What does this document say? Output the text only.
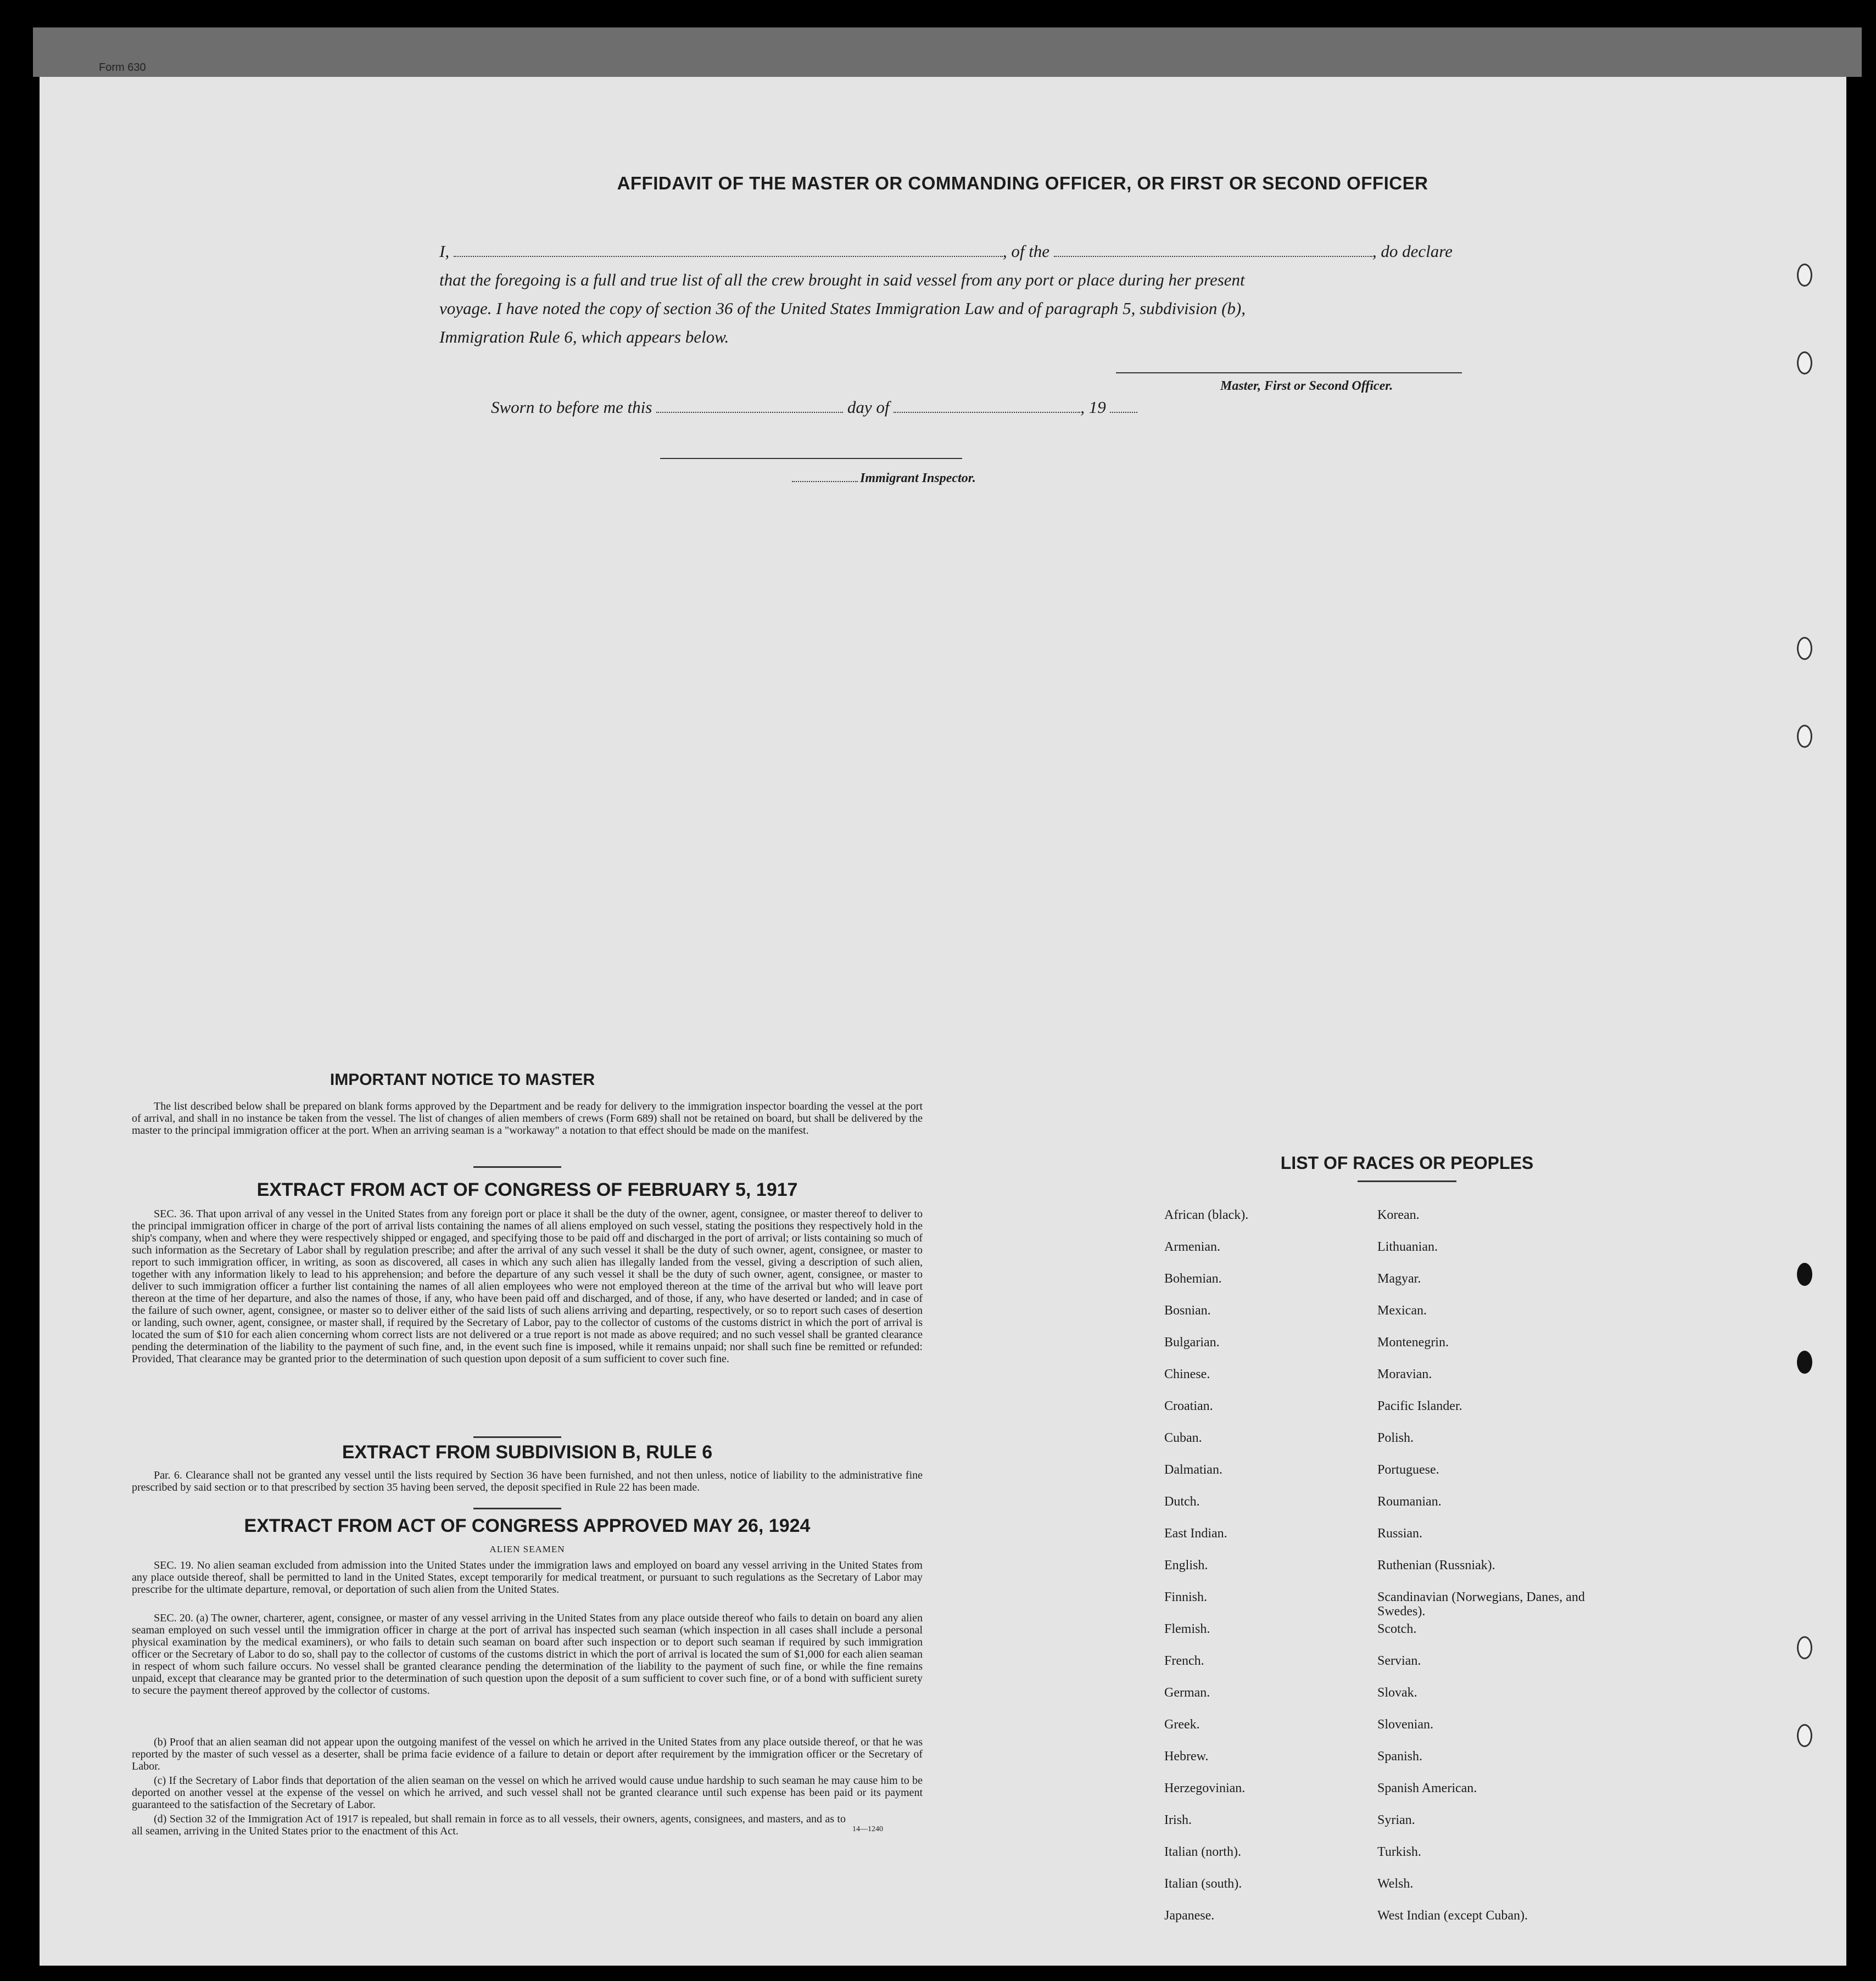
Form 630
AFFIDAVIT OF THE MASTER OR COMMANDING OFFICER, OR FIRST OR SECOND OFFICER
I,	, of the	, do declare
that the foregoing is a full and true list of all the crew brought in said vessel from any port or place during her present
voyage. I have noted the copy of section 36 of the United States Immigration Law and of paragraph 5, subdivision (b),
Immigration Rule 6, which appears below.
Master, First or Second Officer.
Sworn to before me this	day of	, 19
Immigrant Inspector.
IMPORTANT NOTICE TO MASTER
The list described below shall be prepared on blank forms approved by the Department and be ready for delivery to the immigration inspector boarding the vessel at the port of arrival, and shall in no instance be taken from the vessel. The list of changes of alien members of crews (Form 689) shall not be retained on board, but shall be delivered by the master to the principal immigration officer at the port. When an arriving seaman is a "workaway" a notation to that effect should be made on the manifest.
EXTRACT FROM ACT OF CONGRESS OF FEBRUARY 5, 1917
SEC. 36. That upon arrival of any vessel in the United States from any foreign port or place it shall be the duty of the owner, agent, consignee, or master thereof to deliver to the principal immigration officer in charge of the port of arrival lists containing the names of all aliens employed on such vessel, stating the positions they respectively hold in the ship's company, when and where they were respectively shipped or engaged, and specifying those to be paid off and discharged in the port of arrival; or lists containing so much of such information as the Secretary of Labor shall by regulation prescribe; and after the arrival of any such vessel it shall be the duty of such owner, agent, consignee, or master to report to such immigration officer, in writing, as soon as discovered, all cases in which any such alien has illegally landed from the vessel, giving a description of such alien, together with any information likely to lead to his apprehension; and before the departure of any such vessel it shall be the duty of such owner, agent, consignee, or master to deliver to such immigration officer a further list containing the names of all alien employees who were not employed thereon at the time of the arrival but who will leave port thereon at the time of her departure, and also the names of those, if any, who have been paid off and discharged, and of those, if any, who have deserted or landed; and in case of the failure of such owner, agent, consignee, or master so to deliver either of the said lists of such aliens arriving and departing, respectively, or so to report such cases of desertion or landing, such owner, agent, consignee, or master shall, if required by the Secretary of Labor, pay to the collector of customs of the customs district in which the port of arrival is located the sum of $10 for each alien concerning whom correct lists are not delivered or a true report is not made as above required; and no such vessel shall be granted clearance pending the determination of the liability to the payment of such fine, and, in the event such fine is imposed, while it remains unpaid; nor shall such fine be remitted or refunded: Provided, That clearance may be granted prior to the determination of such question upon deposit of a sum sufficient to cover such fine.
EXTRACT FROM SUBDIVISION B, RULE 6
Par. 6. Clearance shall not be granted any vessel until the lists required by Section 36 have been furnished, and not then unless, notice of liability to the administrative fine prescribed by said section or to that prescribed by section 35 having been served, the deposit specified in Rule 22 has been made.
EXTRACT FROM ACT OF CONGRESS APPROVED MAY 26, 1924
ALIEN SEAMEN
SEC. 19. No alien seaman excluded from admission into the United States under the immigration laws and employed on board any vessel arriving in the United States from any place outside thereof, shall be permitted to land in the United States, except temporarily for medical treatment, or pursuant to such regulations as the Secretary of Labor may prescribe for the ultimate departure, removal, or deportation of such alien from the United States.
SEC. 20. (a) The owner, charterer, agent, consignee, or master of any vessel arriving in the United States from any place outside thereof who fails to detain on board any alien seaman employed on such vessel until the immigration officer in charge at the port of arrival has inspected such seaman (which inspection in all cases shall include a personal physical examination by the medical examiners), or who fails to detain such seaman on board after such inspection or to deport such seaman if required by such immigration officer or the Secretary of Labor to do so, shall pay to the collector of customs of the customs district in which the port of arrival is located the sum of $1,000 for each alien seaman in respect of whom such failure occurs. No vessel shall be granted clearance pending the determination of the liability to the payment of such fine, or while the fine remains unpaid, except that clearance may be granted prior to the determination of such question upon the deposit of a sum sufficient to cover such fine, or of a bond with sufficient surety to secure the payment thereof approved by the collector of customs.
(b) Proof that an alien seaman did not appear upon the outgoing manifest of the vessel on which he arrived in the United States from any place outside thereof, or that he was reported by the master of such vessel as a deserter, shall be prima facie evidence of a failure to detain or deport after requirement by the immigration officer or the Secretary of Labor.
(c) If the Secretary of Labor finds that deportation of the alien seaman on the vessel on which he arrived would cause undue hardship to such seaman he may cause him to be deported on another vessel at the expense of the vessel on which he arrived, and such vessel shall not be granted clearance until such expense has been paid or its payment guaranteed to the satisfaction of the Secretary of Labor.
(d) Section 32 of the Immigration Act of 1917 is repealed, but shall remain in force as to all vessels, their owners, agents, consignees, and masters, and as to all seamen, arriving in the United States prior to the enactment of this Act.	14—1240
LIST OF RACES OR PEOPLES
African (black).
Armenian.
Bohemian.
Bosnian.
Bulgarian.
Chinese.
Croatian.
Cuban.
Dalmatian.
Dutch.
East Indian.
English.
Finnish.
Flemish.
French.
German.
Greek.
Hebrew.
Herzegovinian.
Irish.
Italian (north).
Italian (south).
Japanese.
Korean.
Lithuanian.
Magyar.
Mexican.
Montenegrin.
Moravian.
Pacific Islander.
Polish.
Portuguese.
Roumanian.
Russian.
Ruthenian (Russniak).
Scandinavian (Norwegians, Danes, and Swedes).
Scotch.
Servian.
Slovak.
Slovenian.
Spanish.
Spanish American.
Syrian.
Turkish.
Welsh.
West Indian (except Cuban).
